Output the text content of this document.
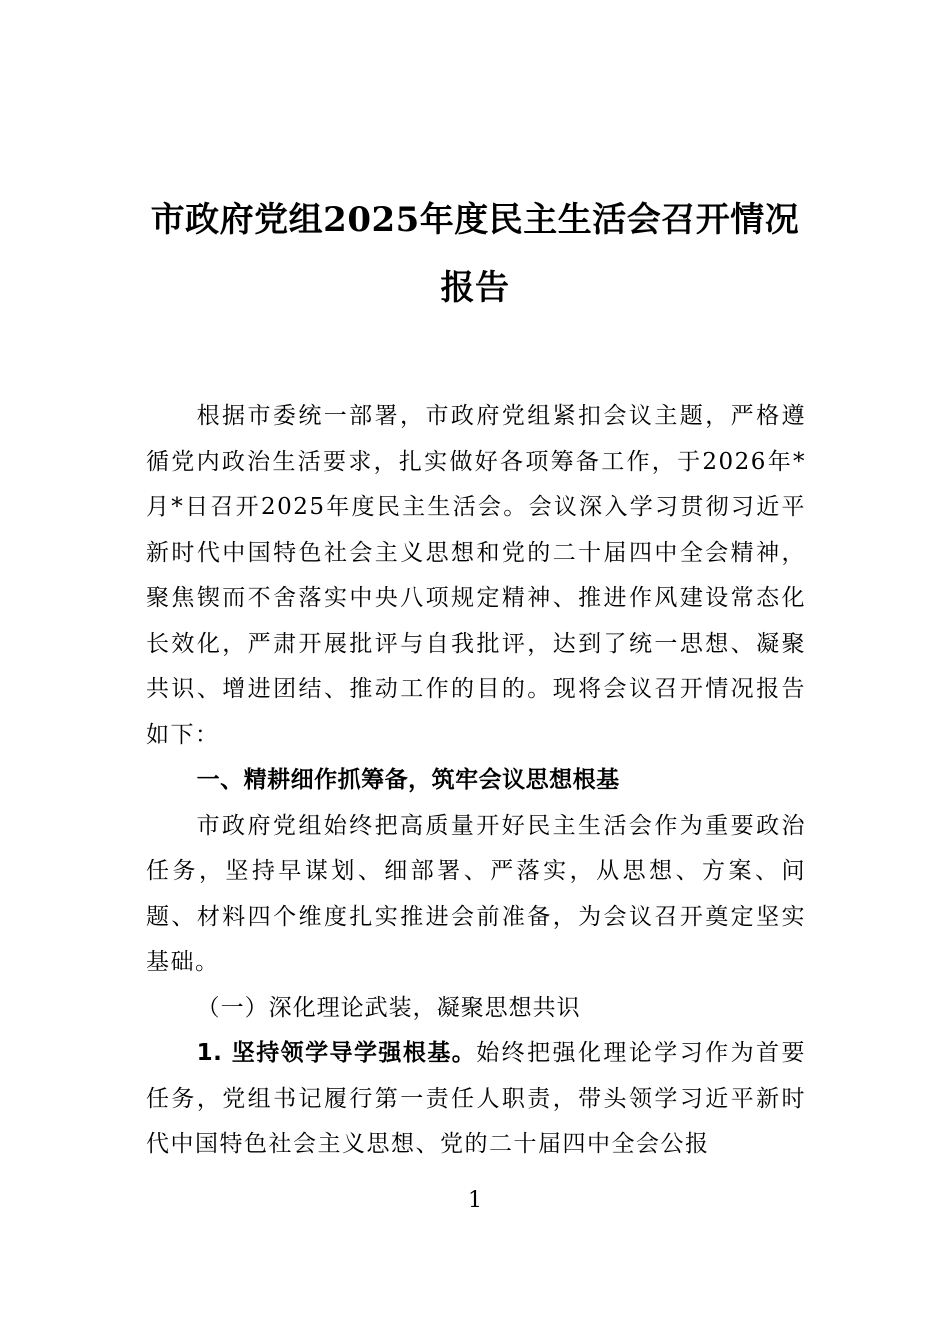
市政府党组2025年度民主生活会召开情况报告

根据市委统一部署，市政府党组紧扣会议主题，严格遵循党内政治生活要求，扎实做好各项筹备工作，于2026年*月*日召开2025年度民主生活会。会议深入学习贯彻习近平新时代中国特色社会主义思想和党的二十届四中全会精神，聚焦锲而不舍落实中央八项规定精神、推进作风建设常态化长效化，严肃开展批评与自我批评，达到了统一思想、凝聚共识、增进团结、推动工作的目的。现将会议召开情况报告如下：

一、精耕细作抓筹备，筑牢会议思想根基

市政府党组始终把高质量开好民主生活会作为重要政治任务，坚持早谋划、细部署、严落实，从思想、方案、问题、材料四个维度扎实推进会前准备，为会议召开奠定坚实基础。

（一）深化理论武装，凝聚思想共识

1. 坚持领学导学强根基。始终把强化理论学习作为首要任务，党组书记履行第一责任人职责，带头领学习近平新时代中国特色社会主义思想、党的二十届四中全会公报

1
